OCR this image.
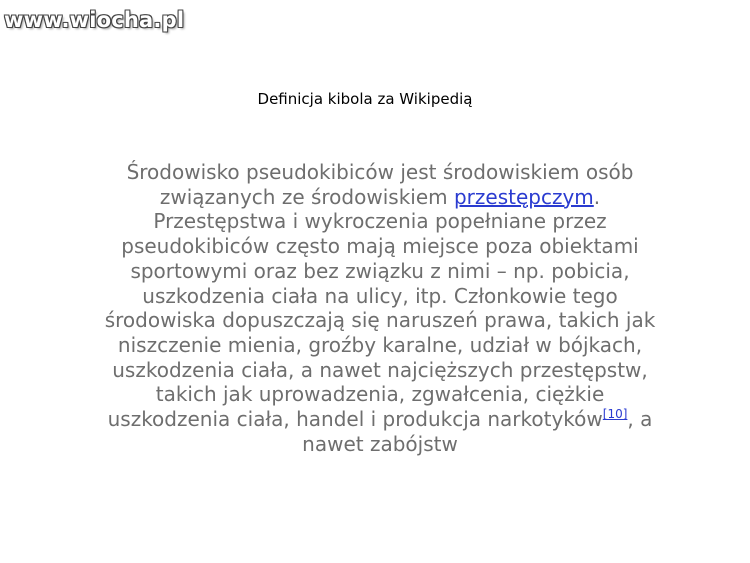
www.wiocha.pl
Definicja kibola za Wikipedią
Środowisko pseudokibiców jest środowiskiem osób związanych ze środowiskiem przestępczym. Przestępstwa i wykroczenia popełniane przez pseudokibiców często mają miejsce poza obiektami sportowymi oraz bez związku z nimi – np. pobicia, uszkodzenia ciała na ulicy, itp. Członkowie tego środowiska dopuszczają się naruszeń prawa, takich jak niszczenie mienia, groźby karalne, udział w bójkach, uszkodzenia ciała, a nawet najcięższych przestępstw, takich jak uprowadzenia, zgwałcenia, ciężkie uszkodzenia ciała, handel i produkcja narkotyków[10], a nawet zabójstw
